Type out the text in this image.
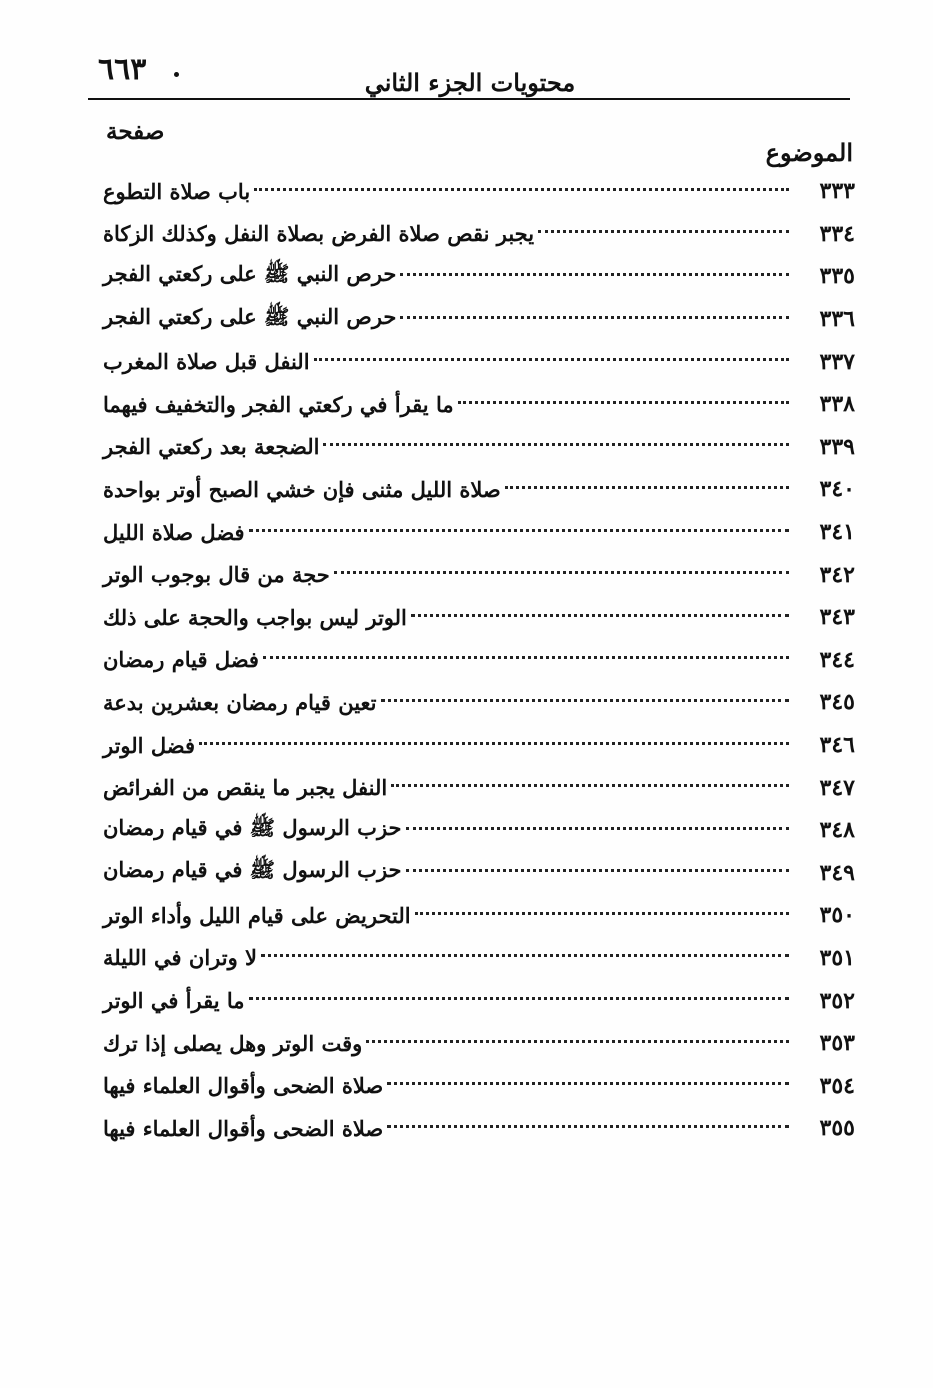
٦٦٣	محتويات الجزء الثاني
صفحة
الموضوع
باب صلاة التطوع	٣٣٣
يجبر نقص صلاة الفرض بصلاة النفل وكذلك الزكاة	٣٣٤
حرص النبي ﷺ على ركعتي الفجر	٣٣٥
حرص النبي ﷺ على ركعتي الفجر	٣٣٦
النفل قبل صلاة المغرب	٣٣٧
ما يقرأ في ركعتي الفجر والتخفيف فيهما	٣٣٨
الضجعة بعد ركعتي الفجر	٣٣٩
صلاة الليل مثنى فإن خشي الصبح أوتر بواحدة	٣٤٠
فضل صلاة الليل	٣٤١
حجة من قال بوجوب الوتر	٣٤٢
الوتر ليس بواجب والحجة على ذلك	٣٤٣
فضل قيام رمضان	٣٤٤
تعين قيام رمضان بعشرين بدعة	٣٤٥
فضل الوتر	٣٤٦
النفل يجبر ما ينقص من الفرائض	٣٤٧
حزب الرسول ﷺ في قيام رمضان	٣٤٨
حزب الرسول ﷺ في قيام رمضان	٣٤٩
التحريض على قيام الليل وأداء الوتر	٣٥٠
لا وتران في الليلة	٣٥١
ما يقرأ في الوتر	٣٥٢
وقت الوتر وهل يصلى إذا ترك	٣٥٣
صلاة الضحى وأقوال العلماء فيها	٣٥٤
صلاة الضحى وأقوال العلماء فيها	٣٥٥
